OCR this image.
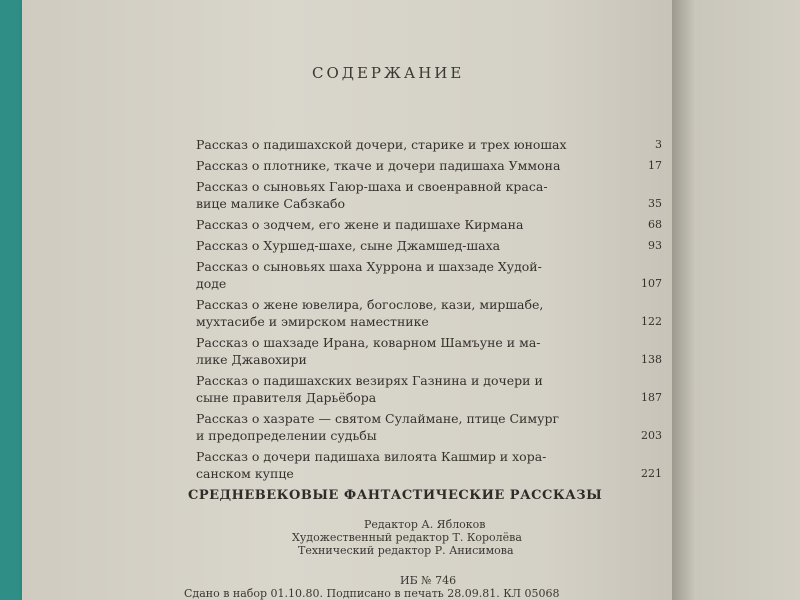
СОДЕРЖАНИЕ
Рассказ о падишахской дочери, старике и трех юношах	3
Рассказ о плотнике, ткаче и дочери падишаха Уммона	17
Рассказ о сыновьях Гаюр-шаха и своенравной краса-
вице малике Сабзкабо	35
Рассказ о зодчем, его жене и падишахе Кирмана	68
Рассказ о Хуршед-шахе, сыне Джамшед-шаха	93
Рассказ о сыновьях шаха Хуррона и шахзаде Худой-
доде	107
Рассказ о жене ювелира, богослове, кази, миршабе,
мухтасибе и эмирском наместнике	122
Рассказ о шахзаде Ирана, коварном Шамъуне и ма-
лике Джавохири	138
Рассказ о падишахских везирях Газнина и дочери и
сыне правителя Дарьёбора	187
Рассказ о хазрате — святом Сулаймане, птице Симург
и предопределении судьбы	203
Рассказ о дочери падишаха вилоята Кашмир и хора-
санском купце	221
СРЕДНЕВЕКОВЫЕ ФАНТАСТИЧЕСКИЕ РАССКАЗЫ
Редактор А. Яблоков
Художественный редактор Т. Королёва
Технический редактор Р. Анисимова
ИБ № 746
Сдано в набор 01.10.80. Подписано в печать 28.09.81. КЛ 05068
